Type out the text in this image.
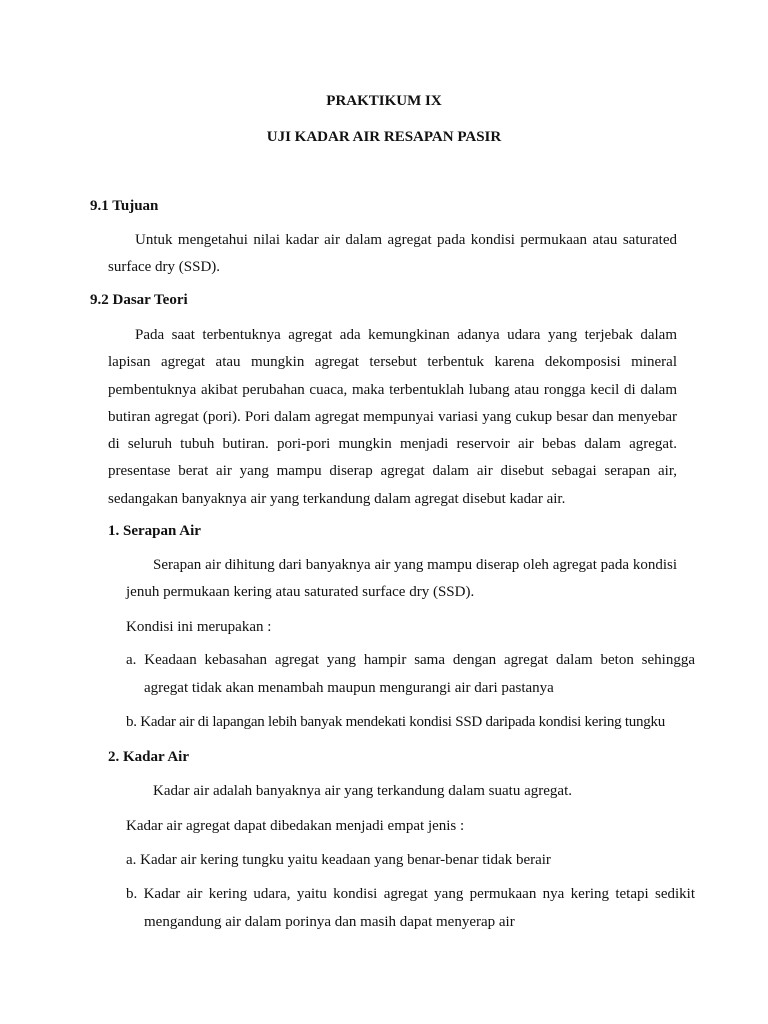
PRAKTIKUM IX

UJI KADAR AIR RESAPAN PASIR

9.1 Tujuan

Untuk mengetahui nilai kadar air dalam agregat pada kondisi permukaan atau saturated surface dry (SSD).

9.2 Dasar Teori

Pada saat terbentuknya agregat ada kemungkinan adanya udara yang terjebak dalam lapisan agregat atau mungkin agregat tersebut terbentuk karena dekomposisi mineral pembentuknya akibat perubahan cuaca, maka terbentuklah lubang atau rongga kecil di dalam butiran agregat (pori). Pori dalam agregat mempunyai variasi yang cukup besar dan menyebar di seluruh tubuh butiran. pori-pori mungkin menjadi reservoir air bebas dalam agregat. presentase berat air yang mampu diserap agregat dalam air disebut sebagai serapan air, sedangakan banyaknya air yang terkandung dalam agregat disebut kadar air.

1. Serapan Air

Serapan air dihitung dari banyaknya air yang mampu diserap oleh agregat pada kondisi jenuh permukaan kering atau saturated surface dry (SSD).

Kondisi ini merupakan :

a. Keadaan kebasahan agregat yang hampir sama dengan agregat dalam beton sehingga agregat tidak akan menambah maupun mengurangi air dari pastanya

b. Kadar air di lapangan lebih banyak mendekati kondisi SSD daripada kondisi kering tungku

2. Kadar Air

Kadar air adalah banyaknya air yang terkandung dalam suatu agregat.

Kadar air agregat dapat dibedakan menjadi empat jenis :

a. Kadar air kering tungku yaitu keadaan yang benar-benar tidak berair

b. Kadar air kering udara, yaitu kondisi agregat yang permukaan nya kering tetapi sedikit mengandung air dalam porinya dan masih dapat menyerap air
